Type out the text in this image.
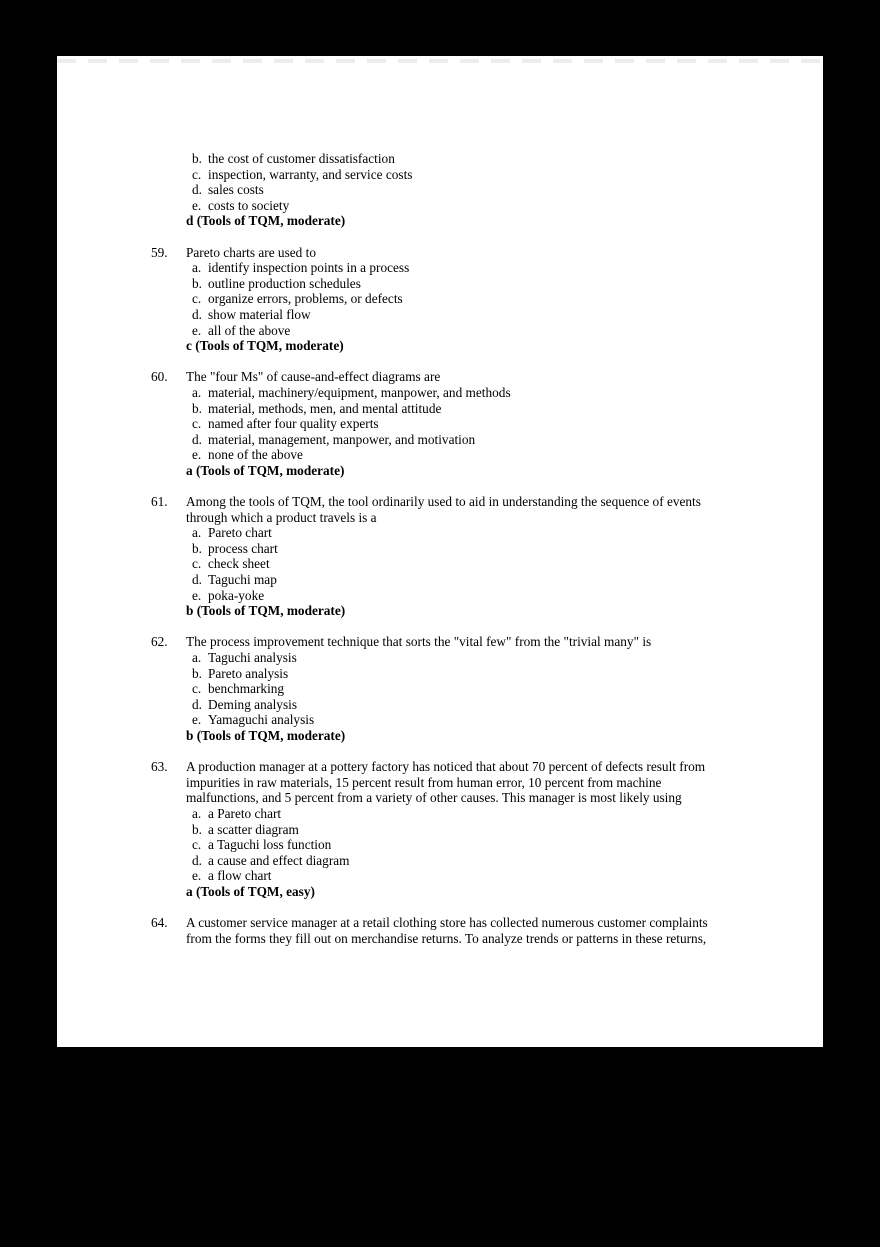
b. the cost of customer dissatisfaction
c. inspection, warranty, and service costs
d. sales costs
e. costs to society
d (Tools of TQM, moderate)
59.	Pareto charts are used to
a. identify inspection points in a process
b. outline production schedules
c. organize errors, problems, or defects
d. show material flow
e. all of the above
c (Tools of TQM, moderate)
60.	The "four Ms" of cause-and-effect diagrams are
a. material, machinery/equipment, manpower, and methods
b. material, methods, men, and mental attitude
c. named after four quality experts
d. material, management, manpower, and motivation
e. none of the above
a (Tools of TQM, moderate)
61.	Among the tools of TQM, the tool ordinarily used to aid in understanding the sequence of events through which a product travels is a
a. Pareto chart
b. process chart
c. check sheet
d. Taguchi map
e. poka-yoke
b (Tools of TQM, moderate)
62.	The process improvement technique that sorts the "vital few" from the "trivial many" is
a. Taguchi analysis
b. Pareto analysis
c. benchmarking
d. Deming analysis
e. Yamaguchi analysis
b (Tools of TQM, moderate)
63.	A production manager at a pottery factory has noticed that about 70 percent of defects result from impurities in raw materials, 15 percent result from human error, 10 percent from machine malfunctions, and 5 percent from a variety of other causes. This manager is most likely using
a. a Pareto chart
b. a scatter diagram
c. a Taguchi loss function
d. a cause and effect diagram
e. a flow chart
a (Tools of TQM, easy)
64.	A customer service manager at a retail clothing store has collected numerous customer complaints from the forms they fill out on merchandise returns. To analyze trends or patterns in these returns,
